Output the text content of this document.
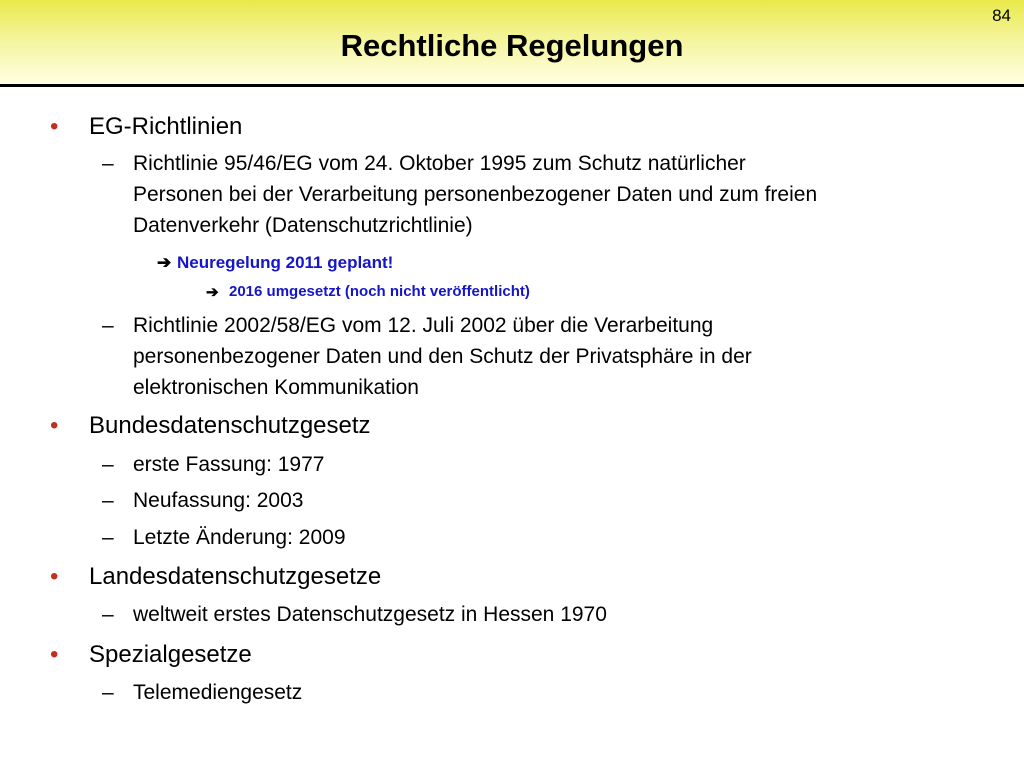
84
Rechtliche Regelungen
• EG-Richtlinien
– Richtlinie 95/46/EG vom 24. Oktober 1995 zum Schutz natürlicher
Personen bei der Verarbeitung personenbezogener Daten und zum freien
Datenverkehr (Datenschutzrichtlinie)
➔ Neuregelung 2011 geplant!
➔ 2016 umgesetzt (noch nicht veröffentlicht)
– Richtlinie 2002/58/EG vom 12. Juli 2002 über die Verarbeitung
personenbezogener Daten und den Schutz der Privatsphäre in der
elektronischen Kommunikation
• Bundesdatenschutzgesetz
– erste Fassung: 1977
– Neufassung: 2003
– Letzte Änderung: 2009
• Landesdatenschutzgesetze
– weltweit erstes Datenschutzgesetz in Hessen 1970
• Spezialgesetze
– Telemediengesetz
